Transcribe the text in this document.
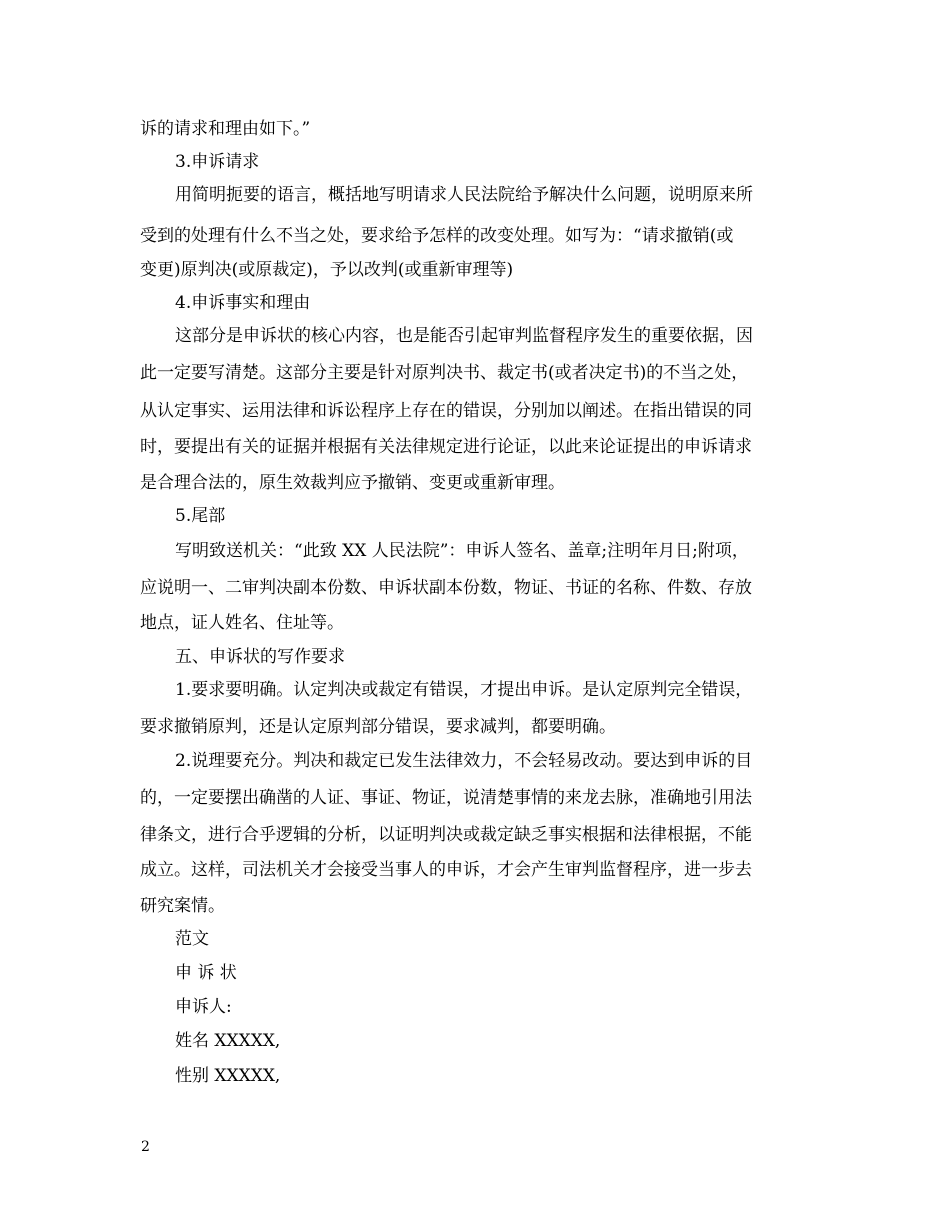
诉的请求和理由如下。”
3.申诉请求
用简明扼要的语言，概括地写明请求人民法院给予解决什么问题，说明原来所
受到的处理有什么不当之处，要求给予怎样的改变处理。如写为：“请求撤销(或
变更)原判决(或原裁定)，予以改判(或重新审理等)
4.申诉事实和理由
这部分是申诉状的核心内容，也是能否引起审判监督程序发生的重要依据，因
此一定要写清楚。这部分主要是针对原判决书、裁定书(或者决定书)的不当之处，
从认定事实、运用法律和诉讼程序上存在的错误，分别加以阐述。在指出错误的同
时，要提出有关的证据并根据有关法律规定进行论证，以此来论证提出的申诉请求
是合理合法的，原生效裁判应予撤销、变更或重新审理。
5.尾部
写明致送机关：“此致 XX 人民法院”：申诉人签名、盖章;注明年月日;附项，
应说明一、二审判决副本份数、申诉状副本份数，物证、书证的名称、件数、存放
地点，证人姓名、住址等。
五、申诉状的写作要求
1.要求要明确。认定判决或裁定有错误，才提出申诉。是认定原判完全错误，
要求撤销原判，还是认定原判部分错误，要求减判，都要明确。
2.说理要充分。判决和裁定已发生法律效力，不会轻易改动。要达到申诉的目
的，一定要摆出确凿的人证、事证、物证，说清楚事情的来龙去脉，准确地引用法
律条文，进行合乎逻辑的分析，以证明判决或裁定缺乏事实根据和法律根据，不能
成立。这样，司法机关才会接受当事人的申诉，才会产生审判监督程序，进一步去
研究案情。
范文
申 诉 状
申诉人:
姓名 XXXXX,
性别 XXXXX,
2
